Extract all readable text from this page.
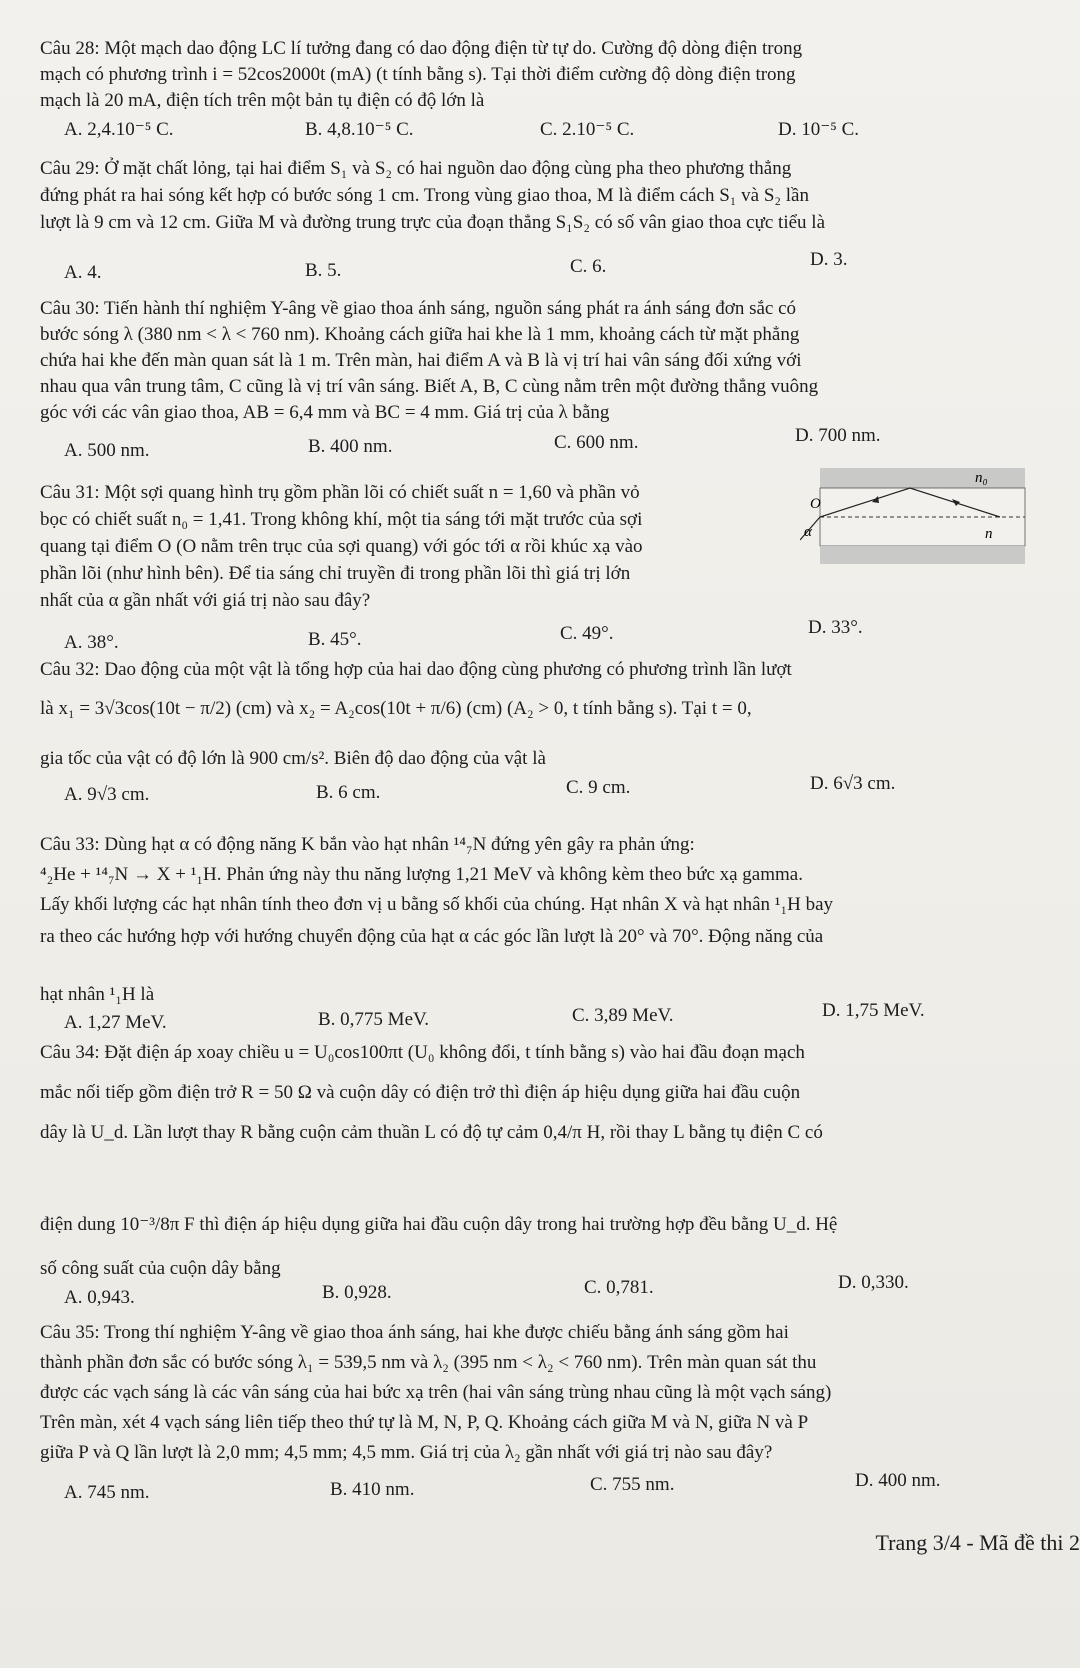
Câu 28: Một mạch dao động LC lí tưởng đang có dao động điện từ tự do. Cường độ dòng điện trong
mạch có phương trình i = 52cos2000t (mA) (t tính bằng s). Tại thời điểm cường độ dòng điện trong
mạch là 20 mA, điện tích trên một bản tụ điện có độ lớn là
A. 2,4.10⁻⁵ C.	B. 4,8.10⁻⁵ C.	C. 2.10⁻⁵ C.	D. 10⁻⁵ C.
Câu 29: Ở mặt chất lỏng, tại hai điểm S₁ và S₂ có hai nguồn dao động cùng pha theo phương thẳng
đứng phát ra hai sóng kết hợp có bước sóng 1 cm. Trong vùng giao thoa, M là điểm cách S₁ và S₂ lần
lượt là 9 cm và 12 cm. Giữa M và đường trung trực của đoạn thẳng S₁S₂ có số vân giao thoa cực tiểu là
A. 4.	B. 5.	C. 6.	D. 3.
Câu 30: Tiến hành thí nghiệm Y-âng về giao thoa ánh sáng, nguồn sáng phát ra ánh sáng đơn sắc có
bước sóng λ (380 nm < λ < 760 nm). Khoảng cách giữa hai khe là 1 mm, khoảng cách từ mặt phẳng
chứa hai khe đến màn quan sát là 1 m. Trên màn, hai điểm A và B là vị trí hai vân sáng đối xứng với
nhau qua vân trung tâm, C cũng là vị trí vân sáng. Biết A, B, C cùng nằm trên một đường thẳng vuông
góc với các vân giao thoa, AB = 6,4 mm và BC = 4 mm. Giá trị của λ bằng
A. 500 nm.	B. 400 nm.	C. 600 nm.	D. 700 nm.
Câu 31: Một sợi quang hình trụ gồm phần lõi có chiết suất n = 1,60 và phần vỏ
bọc có chiết suất n₀ = 1,41. Trong không khí, một tia sáng tới mặt trước của sợi
quang tại điểm O (O nằm trên trục của sợi quang) với góc tới α rồi khúc xạ vào
phần lõi (như hình bên). Để tia sáng chỉ truyền đi trong phần lõi thì giá trị lớn
nhất của α gần nhất với giá trị nào sau đây?
A. 38°.	B. 45°.	C. 49°.	D. 33°.
n₀
O
α	n
Câu 32: Dao động của một vật là tổng hợp của hai dao động cùng phương có phương trình lần lượt
là x₁ = 3√3cos(10t − π/2) (cm) và x₂ = A₂cos(10t + π/6) (cm) (A₂ > 0, t tính bằng s). Tại t = 0,
gia tốc của vật có độ lớn là 900 cm/s². Biên độ dao động của vật là
A. 9√3 cm.	B. 6 cm.	C. 9 cm.	D. 6√3 cm.
Câu 33: Dùng hạt α có động năng K bắn vào hạt nhân ¹⁴₇N đứng yên gây ra phản ứng:
⁴₂He + ¹⁴₇N → X + ¹₁H. Phản ứng này thu năng lượng 1,21 MeV và không kèm theo bức xạ gamma.
Lấy khối lượng các hạt nhân tính theo đơn vị u bằng số khối của chúng. Hạt nhân X và hạt nhân ¹₁H bay
ra theo các hướng hợp với hướng chuyển động của hạt α các góc lần lượt là 20° và 70°. Động năng của
hạt nhân ¹₁H là
A. 1,27 MeV.	B. 0,775 MeV.	C. 3,89 MeV.	D. 1,75 MeV.
Câu 34: Đặt điện áp xoay chiều u = U₀cos100πt (U₀ không đổi, t tính bằng s) vào hai đầu đoạn mạch
mắc nối tiếp gồm điện trở R = 50 Ω và cuộn dây có điện trở thì điện áp hiệu dụng giữa hai đầu cuộn
dây là U_d. Lần lượt thay R bằng cuộn cảm thuần L có độ tự cảm 0,4/π H, rồi thay L bằng tụ điện C có
điện dung 10⁻³/8π F thì điện áp hiệu dụng giữa hai đầu cuộn dây trong hai trường hợp đều bằng U_d. Hệ
số công suất của cuộn dây bằng
A. 0,943.	B. 0,928.	C. 0,781.	D. 0,330.
Câu 35: Trong thí nghiệm Y-âng về giao thoa ánh sáng, hai khe được chiếu bằng ánh sáng gồm hai
thành phần đơn sắc có bước sóng λ₁ = 539,5 nm và λ₂ (395 nm < λ₂ < 760 nm). Trên màn quan sát thu
được các vạch sáng là các vân sáng của hai bức xạ trên (hai vân sáng trùng nhau cũng là một vạch sáng)
Trên màn, xét 4 vạch sáng liên tiếp theo thứ tự là M, N, P, Q. Khoảng cách giữa M và N, giữa N và P
giữa P và Q lần lượt là 2,0 mm; 4,5 mm; 4,5 mm. Giá trị của λ₂ gần nhất với giá trị nào sau đây?
A. 745 nm.	B. 410 nm.	C. 755 nm.	D. 400 nm.
Trang 3/4 - Mã đề thi 2
